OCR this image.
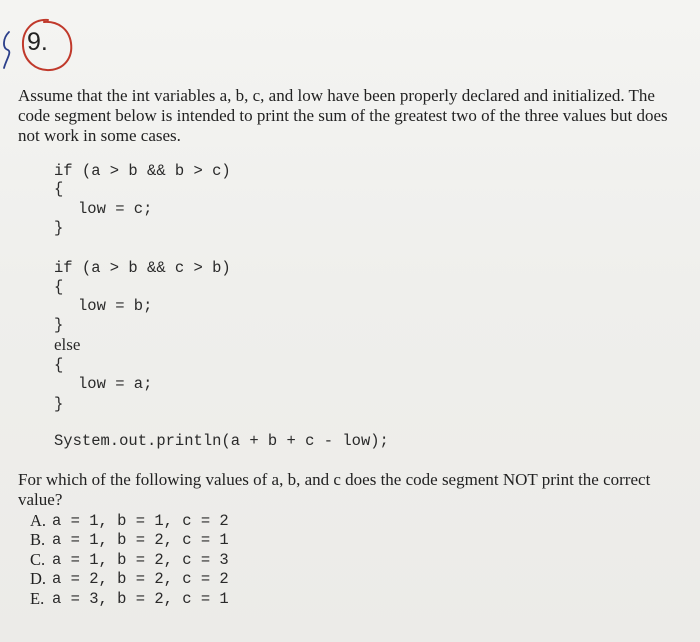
9.
Assume that the int variables a, b, c, and low have been properly declared and initialized. The code segment below is intended to print the sum of the greatest two of the three values but does not work in some cases.

if (a > b && b > c)

{

low = c;

}

if (a > b && c > b)

{

low = b;

}

else

{

low = a;

}

System.out.println(a + b + c - low);

For which of the following values of a, b, and c does the code segment NOT print the correct value?
A. a = 1, b = 1, c = 2
B. a = 1, b = 2, c = 1
C. a = 1, b = 2, c = 3
D. a = 2, b = 2, c = 2
E. a = 3, b = 2, c = 1
